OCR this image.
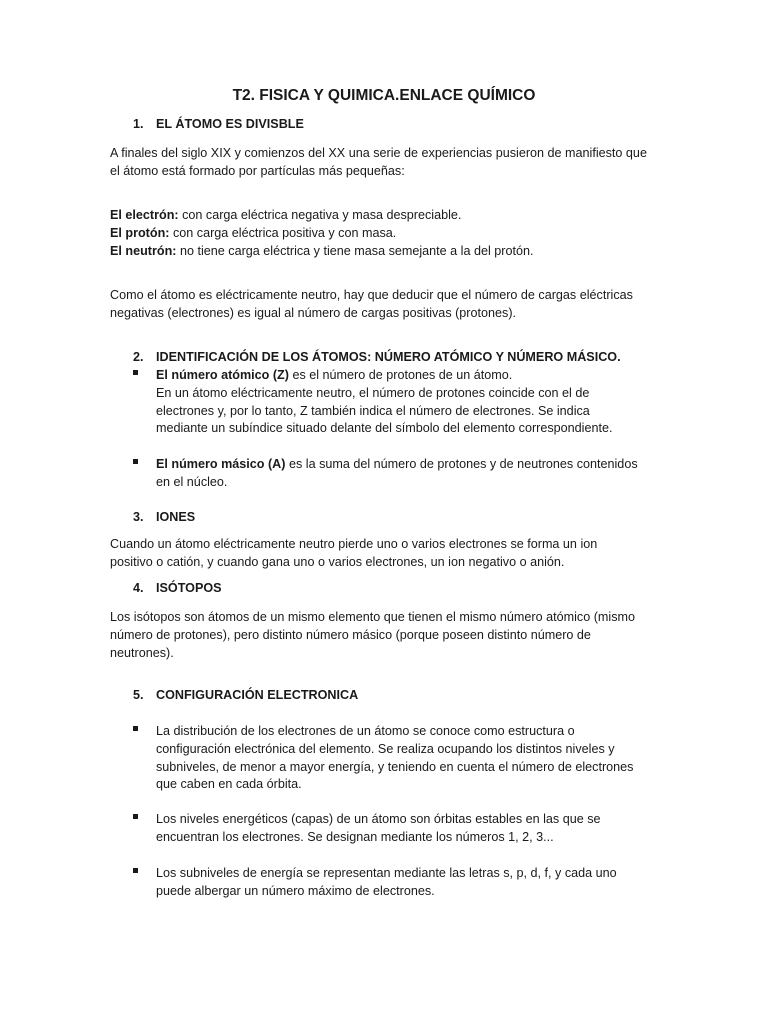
T2. FISICA Y QUIMICA.ENLACE QUÍMICO
1. EL ÁTOMO ES DIVISBLE
A finales del siglo XIX y comienzos del XX una serie de experiencias pusieron de manifiesto que
el átomo está formado por partículas más pequeñas:
El electrón: con carga eléctrica negativa y masa despreciable.
El protón: con carga eléctrica positiva y con masa.
El neutrón: no tiene carga eléctrica y tiene masa semejante a la del protón.
Como el átomo es eléctricamente neutro, hay que deducir que el número de cargas eléctricas
negativas (electrones) es igual al número de cargas positivas (protones).
2. IDENTIFICACIÓN DE LOS ÁTOMOS: NÚMERO ATÓMICO Y NÚMERO MÁSICO.
El número atómico (Z) es el número de protones de un átomo.
En un átomo eléctricamente neutro, el número de protones coincide con el de
electrones y, por lo tanto, Z también indica el número de electrones. Se indica
mediante un subíndice situado delante del símbolo del elemento correspondiente.
El número másico (A) es la suma del número de protones y de neutrones contenidos
en el núcleo.
3. IONES
Cuando un átomo eléctricamente neutro pierde uno o varios electrones se forma un ion
positivo o catión, y cuando gana uno o varios electrones, un ion negativo o anión.
4. ISÓTOPOS
Los isótopos son átomos de un mismo elemento que tienen el mismo número atómico (mismo
número de protones), pero distinto número másico (porque poseen distinto número de
neutrones).
5. CONFIGURACIÓN ELECTRONICA
La distribución de los electrones de un átomo se conoce como estructura o
configuración electrónica del elemento. Se realiza ocupando los distintos niveles y
subniveles, de menor a mayor energía, y teniendo en cuenta el número de electrones
que caben en cada órbita.
Los niveles energéticos (capas) de un átomo son órbitas estables en las que se
encuentran los electrones. Se designan mediante los números 1, 2, 3...
Los subniveles de energía se representan mediante las letras s, p, d, f, y cada uno
puede albergar un número máximo de electrones.
